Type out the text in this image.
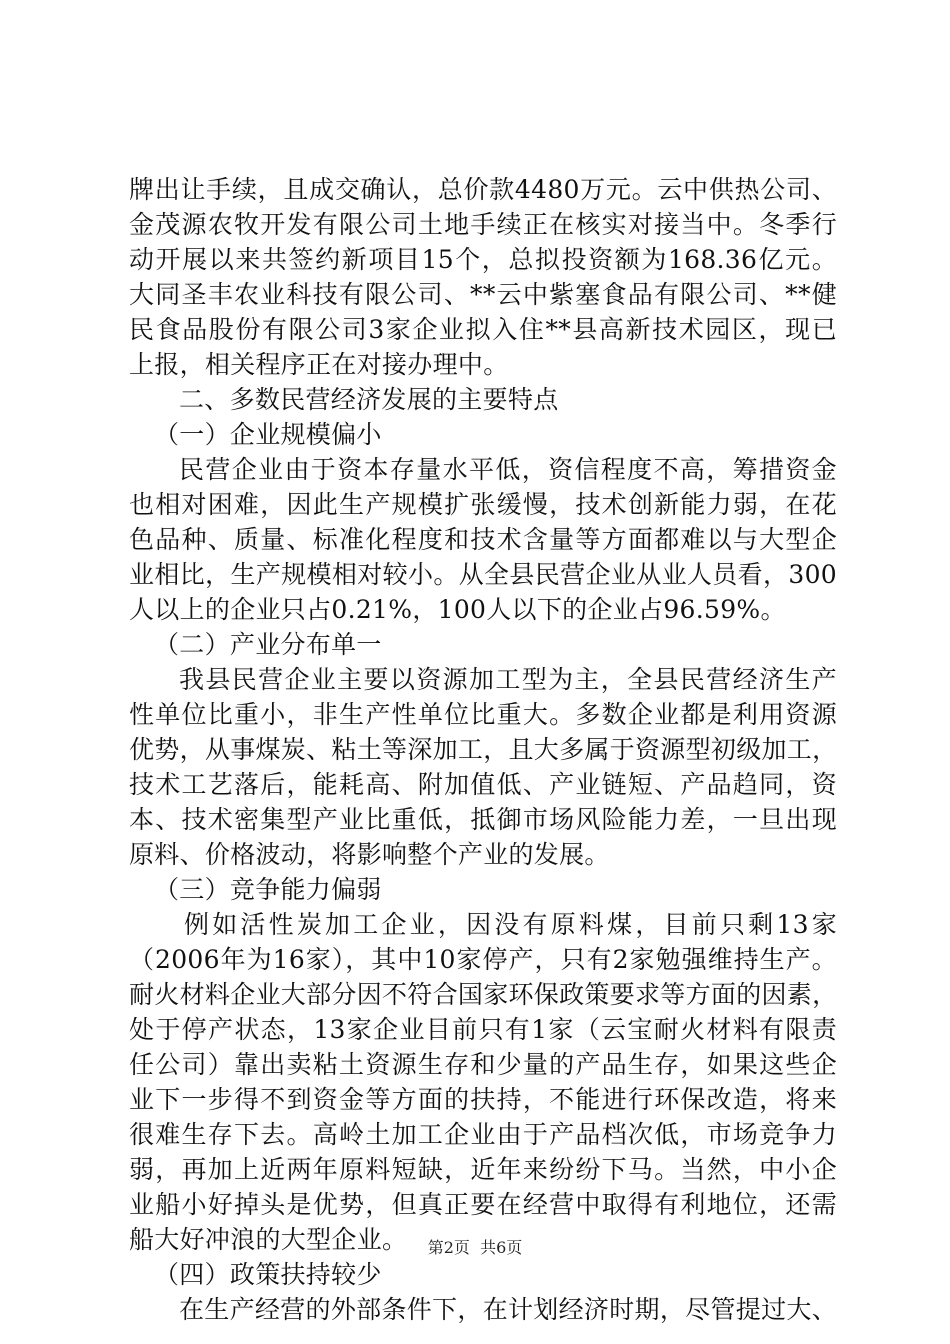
牌出让手续，且成交确认，总价款4480万元。云中供热公司、
金茂源农牧开发有限公司土地手续正在核实对接当中。冬季行
动开展以来共签约新项目15个，总拟投资额为168.36亿元。
大同圣丰农业科技有限公司、**云中紫塞食品有限公司、**健
民食品股份有限公司3家企业拟入住**县高新技术园区，现已
上报，相关程序正在对接办理中。
二、多数民营经济发展的主要特点
（一）企业规模偏小
民营企业由于资本存量水平低，资信程度不高，筹措资金
也相对困难，因此生产规模扩张缓慢，技术创新能力弱，在花
色品种、质量、标准化程度和技术含量等方面都难以与大型企
业相比，生产规模相对较小。从全县民营企业从业人员看，300
人以上的企业只占0.21%，100人以下的企业占96.59%。
（二）产业分布单一
我县民营企业主要以资源加工型为主，全县民营经济生产
性单位比重小，非生产性单位比重大。多数企业都是利用资源
优势，从事煤炭、粘土等深加工，且大多属于资源型初级加工，
技术工艺落后，能耗高、附加值低、产业链短、产品趋同，资
本、技术密集型产业比重低，抵御市场风险能力差，一旦出现
原料、价格波动，将影响整个产业的发展。
（三）竞争能力偏弱
例如活性炭加工企业，因没有原料煤，目前只剩13家
（2006年为16家），其中10家停产，只有2家勉强维持生产。
耐火材料企业大部分因不符合国家环保政策要求等方面的因素，
处于停产状态，13家企业目前只有1家（云宝耐火材料有限责
任公司）靠出卖粘土资源生存和少量的产品生存，如果这些企
业下一步得不到资金等方面的扶持，不能进行环保改造，将来
很难生存下去。高岭土加工企业由于产品档次低，市场竞争力
弱，再加上近两年原料短缺，近年来纷纷下马。当然，中小企
业船小好掉头是优势，但真正要在经营中取得有利地位，还需
船大好冲浪的大型企业。
（四）政策扶持较少
在生产经营的外部条件下，在计划经济时期，尽管提过大、
第2页  共6页
